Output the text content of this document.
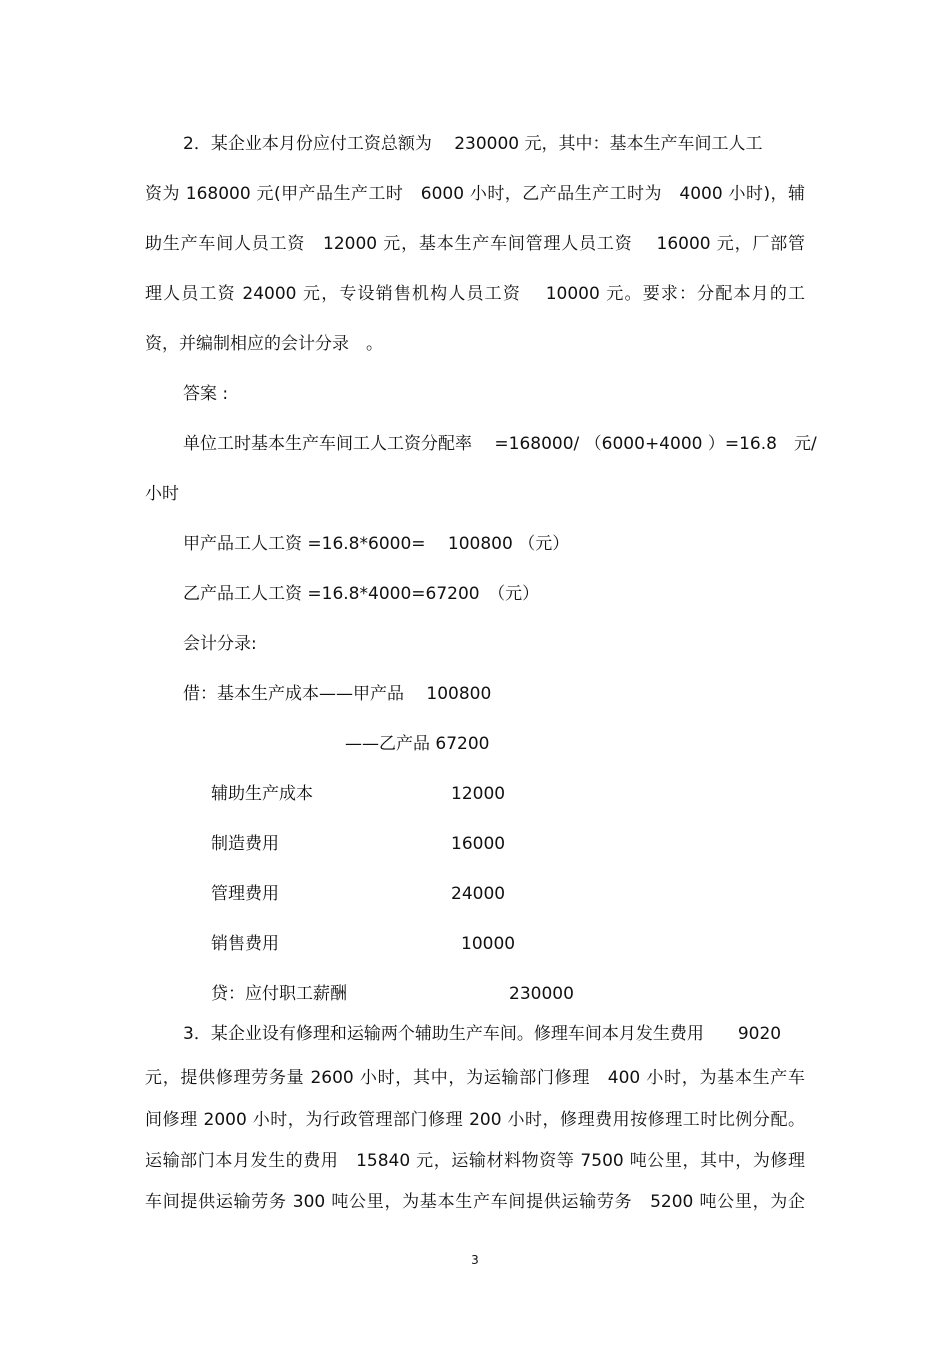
2．某企业本月份应付工资总额为　 230000 元，其中：基本生产车间工人工
资为 168000 元(甲产品生产工时　6000 小时，乙产品生产工时为　4000 小时)，辅
助生产车间人员工资　12000 元，基本生产车间管理人员工资　 16000 元，厂部管
理人员工资 24000 元，专设销售机构人员工资　 10000 元。要求：分配本月的工
资，并编制相应的会计分录　。
答案 :
单位工时基本生产车间工人工资分配率　 =168000/ （6000+4000 ）=16.8　元/
小时
甲产品工人工资 =16.8*6000=　 100800 （元）
乙产品工人工资 =16.8*4000=67200　（元）
会计分录:
借：基本生产成本——甲产品　 100800
——乙产品 67200
辅助生产成本	12000
制造费用	16000
管理费用	24000
销售费用	10000
贷：应付职工薪酬	230000
3．某企业设有修理和运输两个辅助生产车间。修理车间本月发生费用　　9020
元，提供修理劳务量 2600 小时，其中，为运输部门修理　400 小时，为基本生产车
间修理 2000 小时，为行政管理部门修理 200 小时，修理费用按修理工时比例分配。
运输部门本月发生的费用　15840 元，运输材料物资等 7500 吨公里，其中，为修理
车间提供运输劳务 300 吨公里，为基本生产车间提供运输劳务　5200 吨公里，为企
3
